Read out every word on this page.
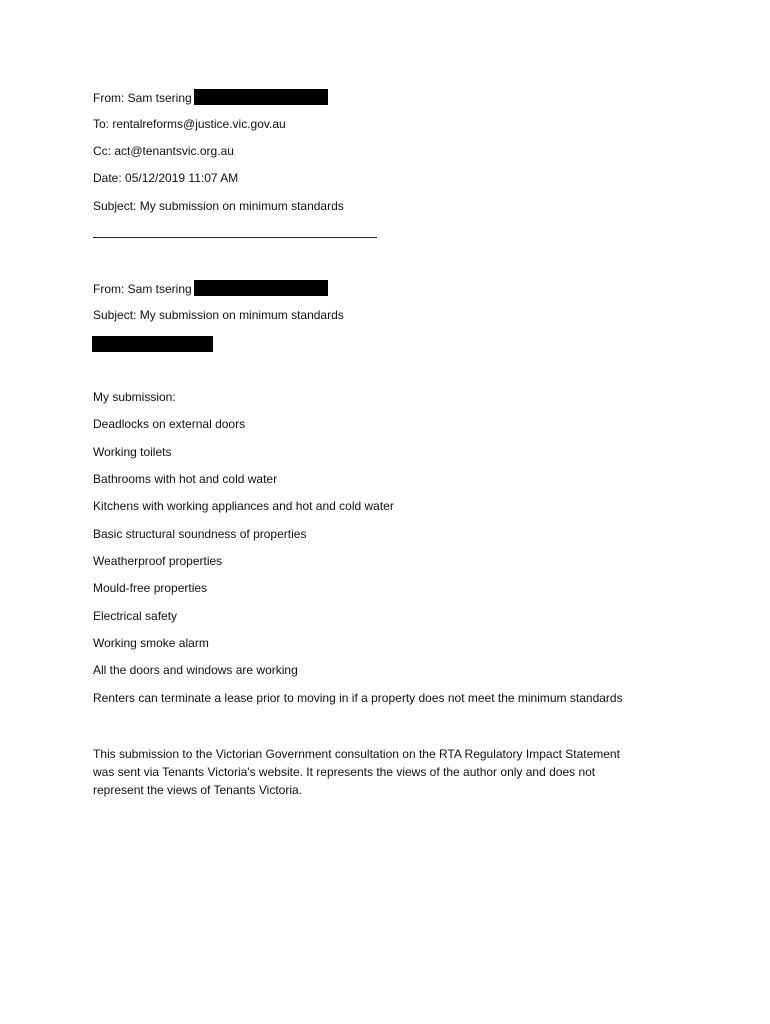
From: Sam tsering
To: rentalreforms@justice.vic.gov.au
Cc: act@tenantsvic.org.au
Date: 05/12/2019 11:07 AM
Subject: My submission on minimum standards
From: Sam tsering
Subject: My submission on minimum standards
My submission:
Deadlocks on external doors
Working toilets
Bathrooms with hot and cold water
Kitchens with working appliances and hot and cold water
Basic structural soundness of properties
Weatherproof properties
Mould-free properties
Electrical safety
Working smoke alarm
All the doors and windows are working
Renters can terminate a lease prior to moving in if a property does not meet the minimum standards
This submission to the Victorian Government consultation on the RTA Regulatory Impact Statement
was sent via Tenants Victoria's website. It represents the views of the author only and does not
represent the views of Tenants Victoria.
